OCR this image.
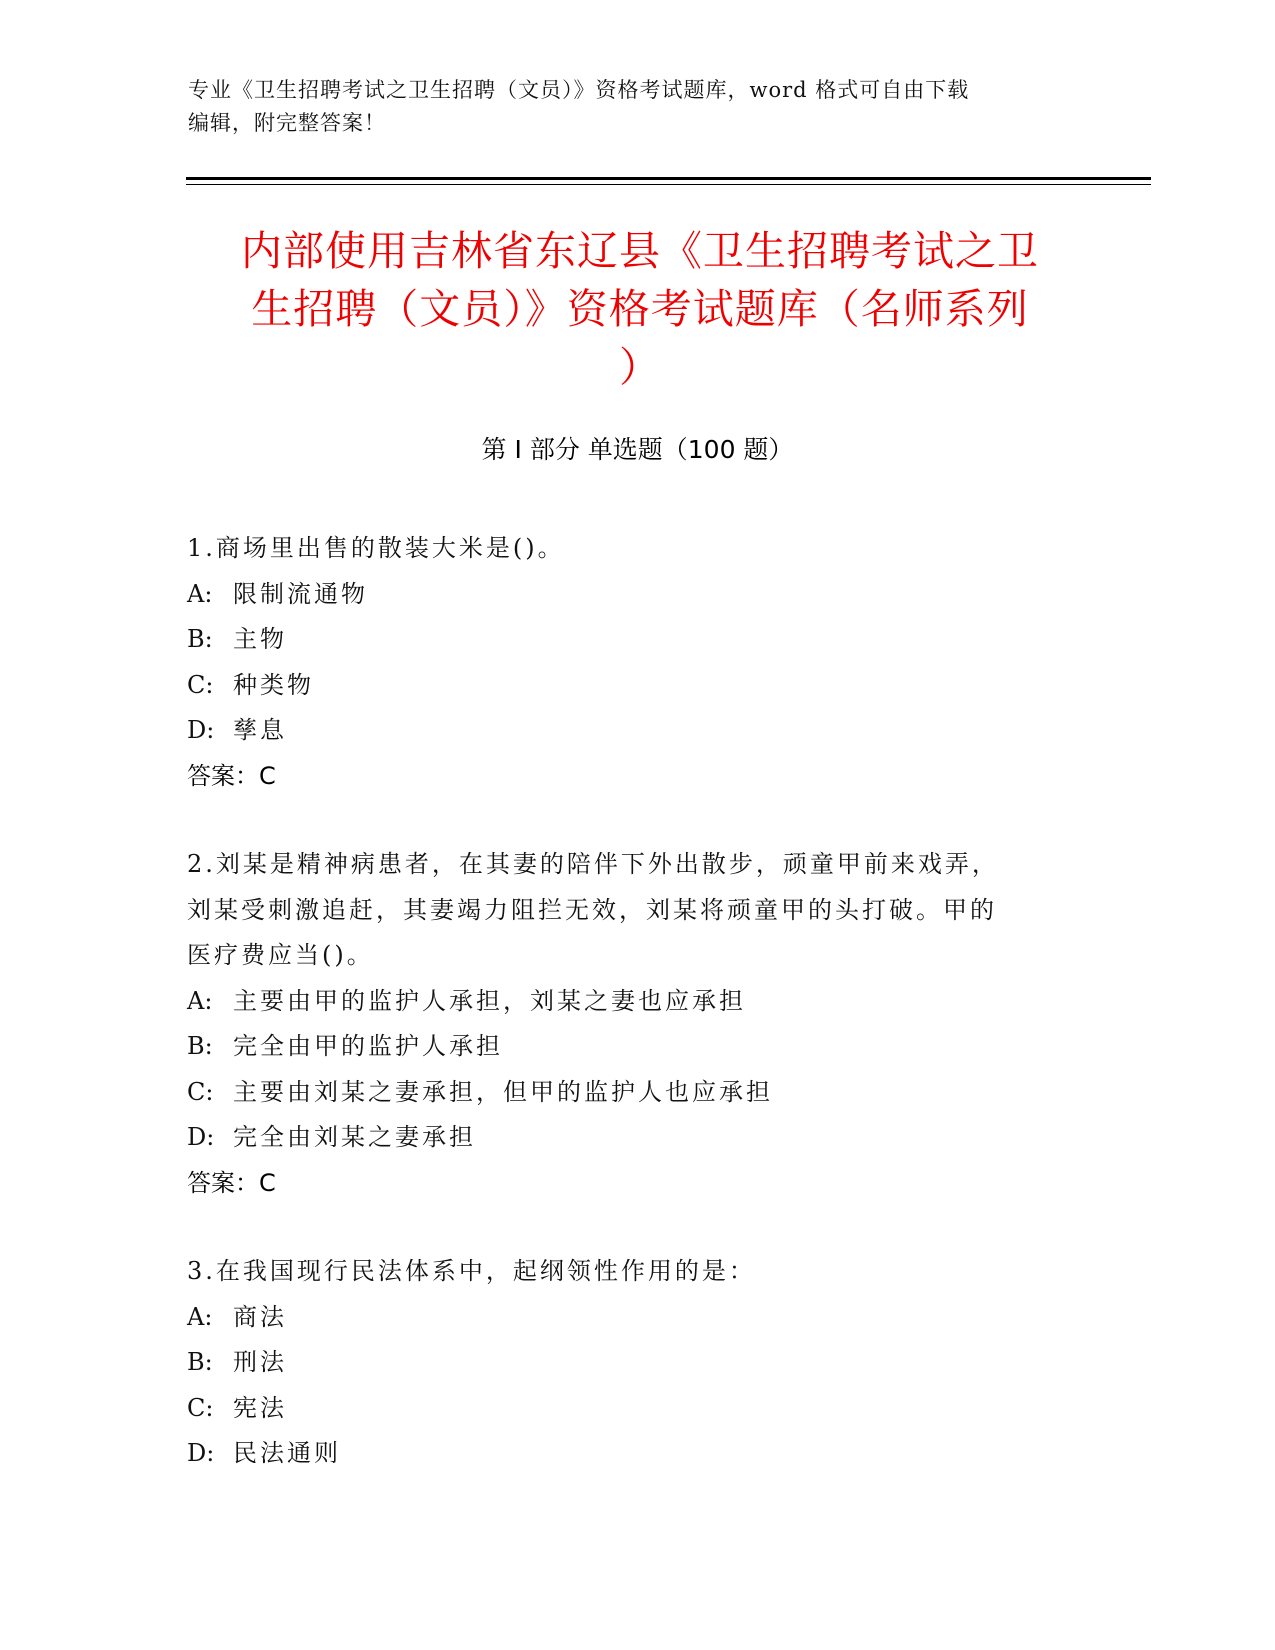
专业《卫生招聘考试之卫生招聘（文员）》资格考试题库，word 格式可自由下载
编辑，附完整答案！
内部使用吉林省东辽县《卫生招聘考试之卫
生招聘（文员）》资格考试题库（名师系列
）
第 I 部分 单选题（100 题）
1.商场里出售的散装大米是()。
A: 限制流通物
B: 主物
C: 种类物
D: 孳息
答案：C
2.刘某是精神病患者，在其妻的陪伴下外出散步，顽童甲前来戏弄，
刘某受刺激追赶，其妻竭力阻拦无效，刘某将顽童甲的头打破。甲的
医疗费应当()。
A: 主要由甲的监护人承担，刘某之妻也应承担
B: 完全由甲的监护人承担
C: 主要由刘某之妻承担，但甲的监护人也应承担
D: 完全由刘某之妻承担
答案：C
3.在我国现行民法体系中，起纲领性作用的是：
A: 商法
B: 刑法
C: 宪法
D: 民法通则
